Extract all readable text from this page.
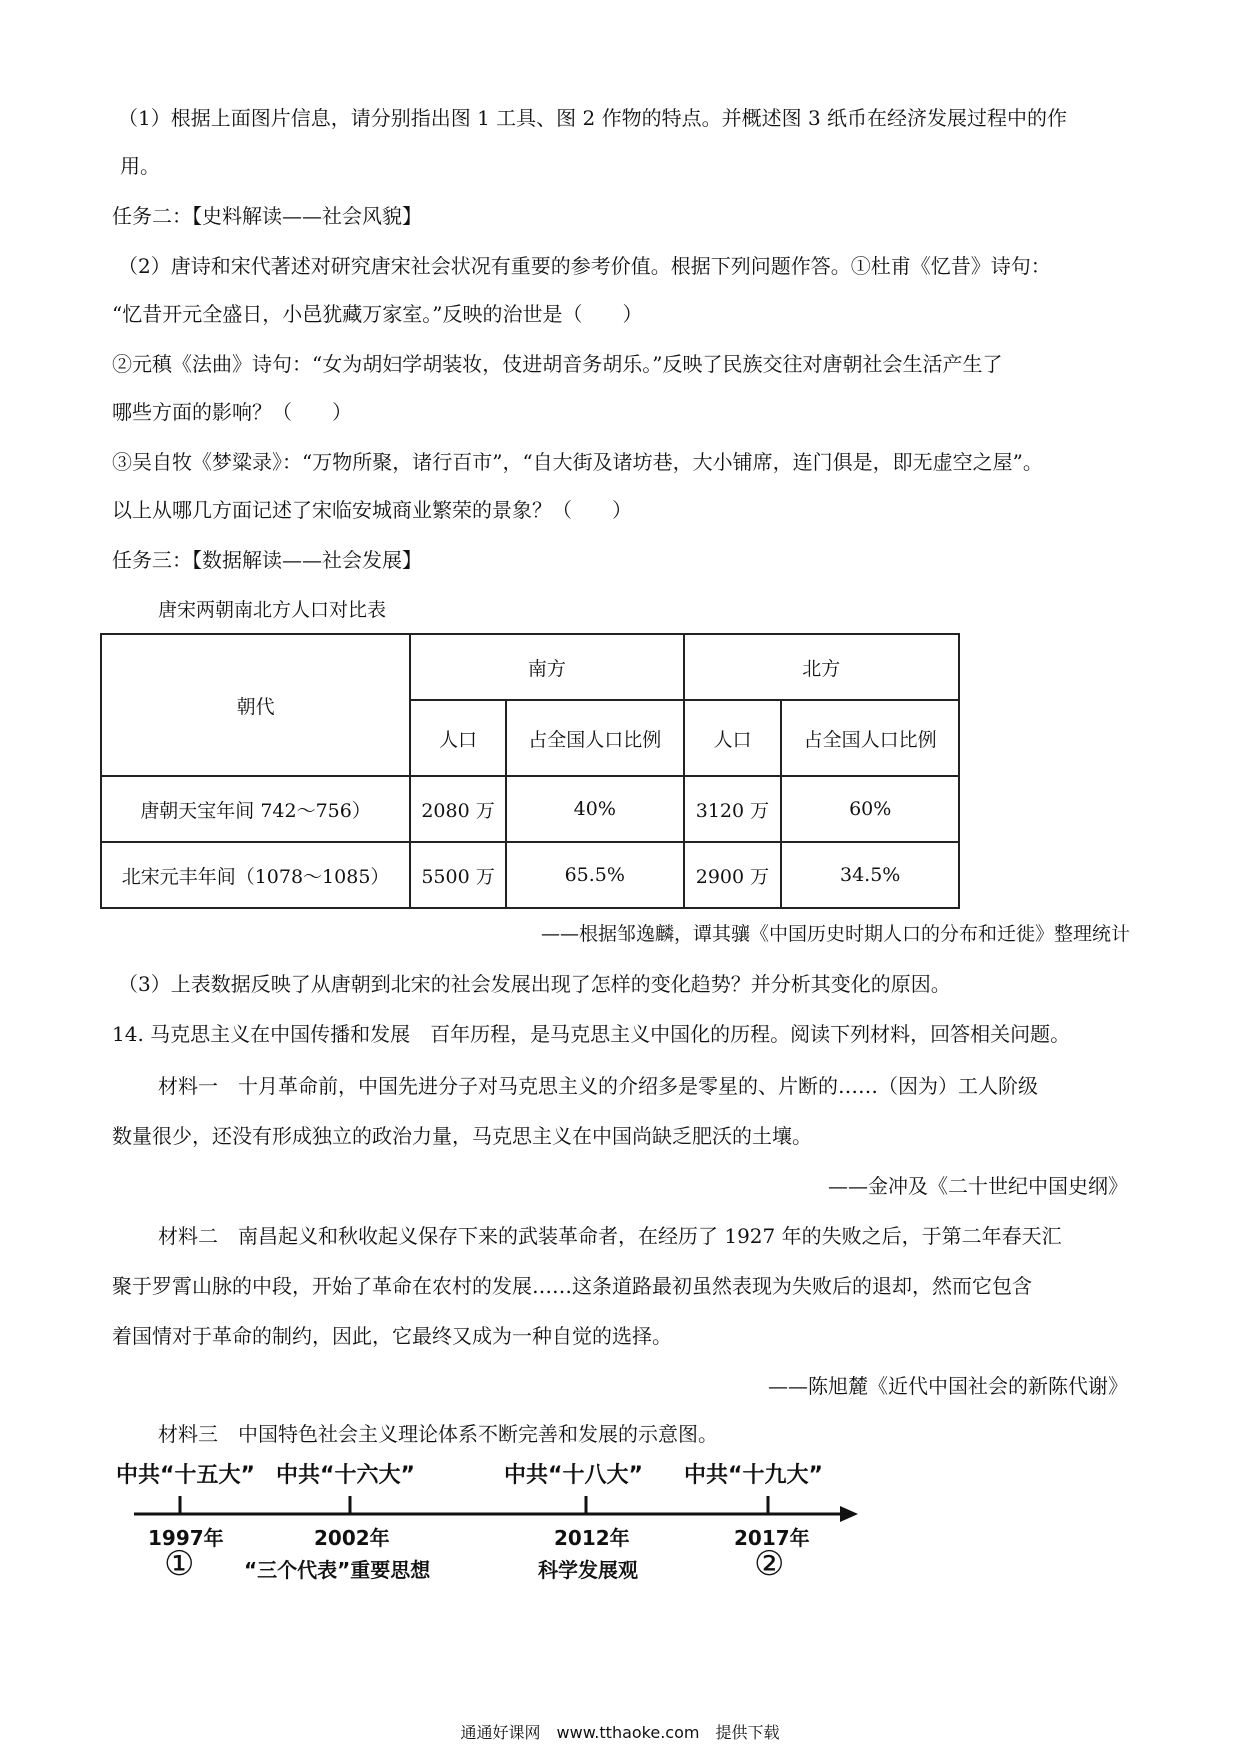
（1）根据上面图片信息，请分别指出图 1 工具、图 2 作物的特点。并概述图 3 纸币在经济发展过程中的作
用。
任务二：【史料解读——社会风貌】
（2）唐诗和宋代著述对研究唐宋社会状况有重要的参考价值。根据下列问题作答。①杜甫《忆昔》诗句：
“忆昔开元全盛日，小邑犹藏万家室。”反映的治世是（　　）
②元稹《法曲》诗句：“女为胡妇学胡装妆，伎进胡音务胡乐。”反映了民族交往对唐朝社会生活产生了
哪些方面的影响？（　　）
③吴自牧《梦粱录》：“万物所聚，诸行百市”，“自大街及诸坊巷，大小铺席，连门俱是，即无虚空之屋”。
以上从哪几方面记述了宋临安城商业繁荣的景象？（　　）
任务三：【数据解读——社会发展】
唐宋两朝南北方人口对比表
朝代	南方		北方	
	人口	占全国人口比例	人口	占全国人口比例
唐朝天宝年间 742～756）	2080 万	40%	3120 万	60%
北宋元丰年间（1078～1085）	5500 万	65.5%	2900 万	34.5%
——根据邹逸麟，谭其骧《中国历史时期人口的分布和迁徙》整理统计
（3）上表数据反映了从唐朝到北宋的社会发展出现了怎样的变化趋势？并分析其变化的原因。
14. 马克思主义在中国传播和发展　百年历程，是马克思主义中国化的历程。阅读下列材料，回答相关问题。
材料一　十月革命前，中国先进分子对马克思主义的介绍多是零星的、片断的……（因为）工人阶级
数量很少，还没有形成独立的政治力量，马克思主义在中国尚缺乏肥沃的土壤。
——金冲及《二十世纪中国史纲》
材料二　南昌起义和秋收起义保存下来的武装革命者，在经历了 1927 年的失败之后，于第二年春天汇
聚于罗霄山脉的中段，开始了革命在农村的发展……这条道路最初虽然表现为失败后的退却，然而它包含
着国情对于革命的制约，因此，它最终又成为一种自觉的选择。
——陈旭麓《近代中国社会的新陈代谢》
材料三　中国特色社会主义理论体系不断完善和发展的示意图。
中共“十五大” 中共“十六大”	中共“十八大” 中共“十九大”
1997年	2002年	2012年	2017年
① “三个代表”重要思想	科学发展观	②
通通好课网　www.tthaoke.com　提供下载
